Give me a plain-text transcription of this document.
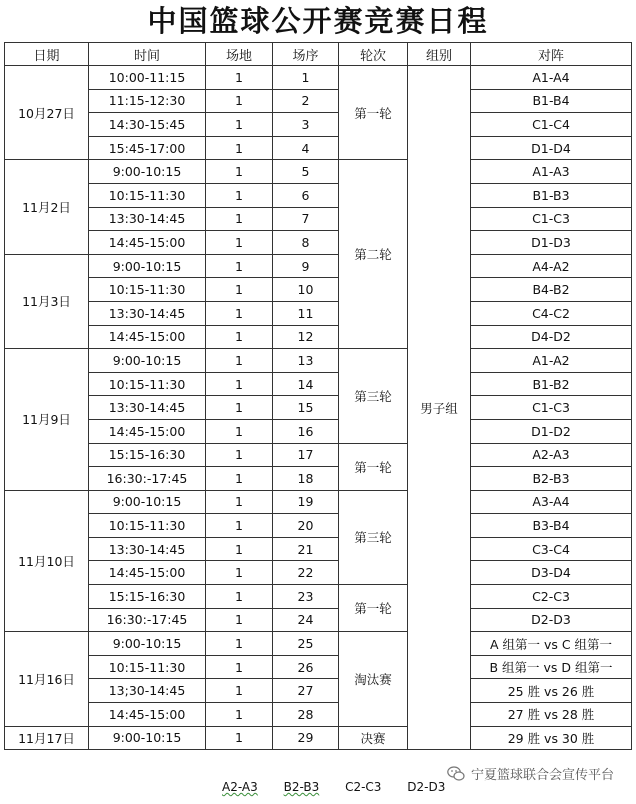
中国篮球公开赛竞赛日程
日期	时间	场地	场序	轮次	组别	对阵
10月27日	10:00-11:15	1	1	第一轮	男子组	A1-A4
	11:15-12:30	1	2			B1-B4
	14:30-15:45	1	3			C1-C4
	15:45-17:00	1	4			D1-D4
11月2日	9:00-10:15	1	5	第二轮		A1-A3
	10:15-11:30	1	6			B1-B3
	13:30-14:45	1	7			C1-C3
	14:45-15:00	1	8			D1-D3
11月3日	9:00-10:15	1	9			A4-A2
	10:15-11:30	1	10			B4-B2
	13:30-14:45	1	11			C4-C2
	14:45-15:00	1	12			D4-D2
11月9日	9:00-10:15	1	13	第三轮		A1-A2
	10:15-11:30	1	14			B1-B2
	13:30-14:45	1	15			C1-C3
	14:45-15:00	1	16			D1-D2
	15:15-16:30	1	17	第一轮		A2-A3
	16:30:-17:45	1	18			B2-B3
11月10日	9:00-10:15	1	19	第三轮		A3-A4
	10:15-11:30	1	20			B3-B4
	13:30-14:45	1	21			C3-C4
	14:45-15:00	1	22			D3-D4
	15:15-16:30	1	23	第一轮		C2-C3
	16:30:-17:45	1	24			D2-D3
11月16日	9:00-10:15	1	25	淘汰赛		A 组第一 vs C 组第一
	10:15-11:30	1	26			B 组第一 vs D 组第一
	13;30-14:45	1	27			25 胜 vs 26 胜
	14:45-15:00	1	28			27 胜 vs 28 胜
11月17日	9:00-10:15	1	29	决赛		29 胜 vs 30 胜
A2-A3 B2-B3 C2-C3 D2-D3
宁夏篮球联合会宣传平台
